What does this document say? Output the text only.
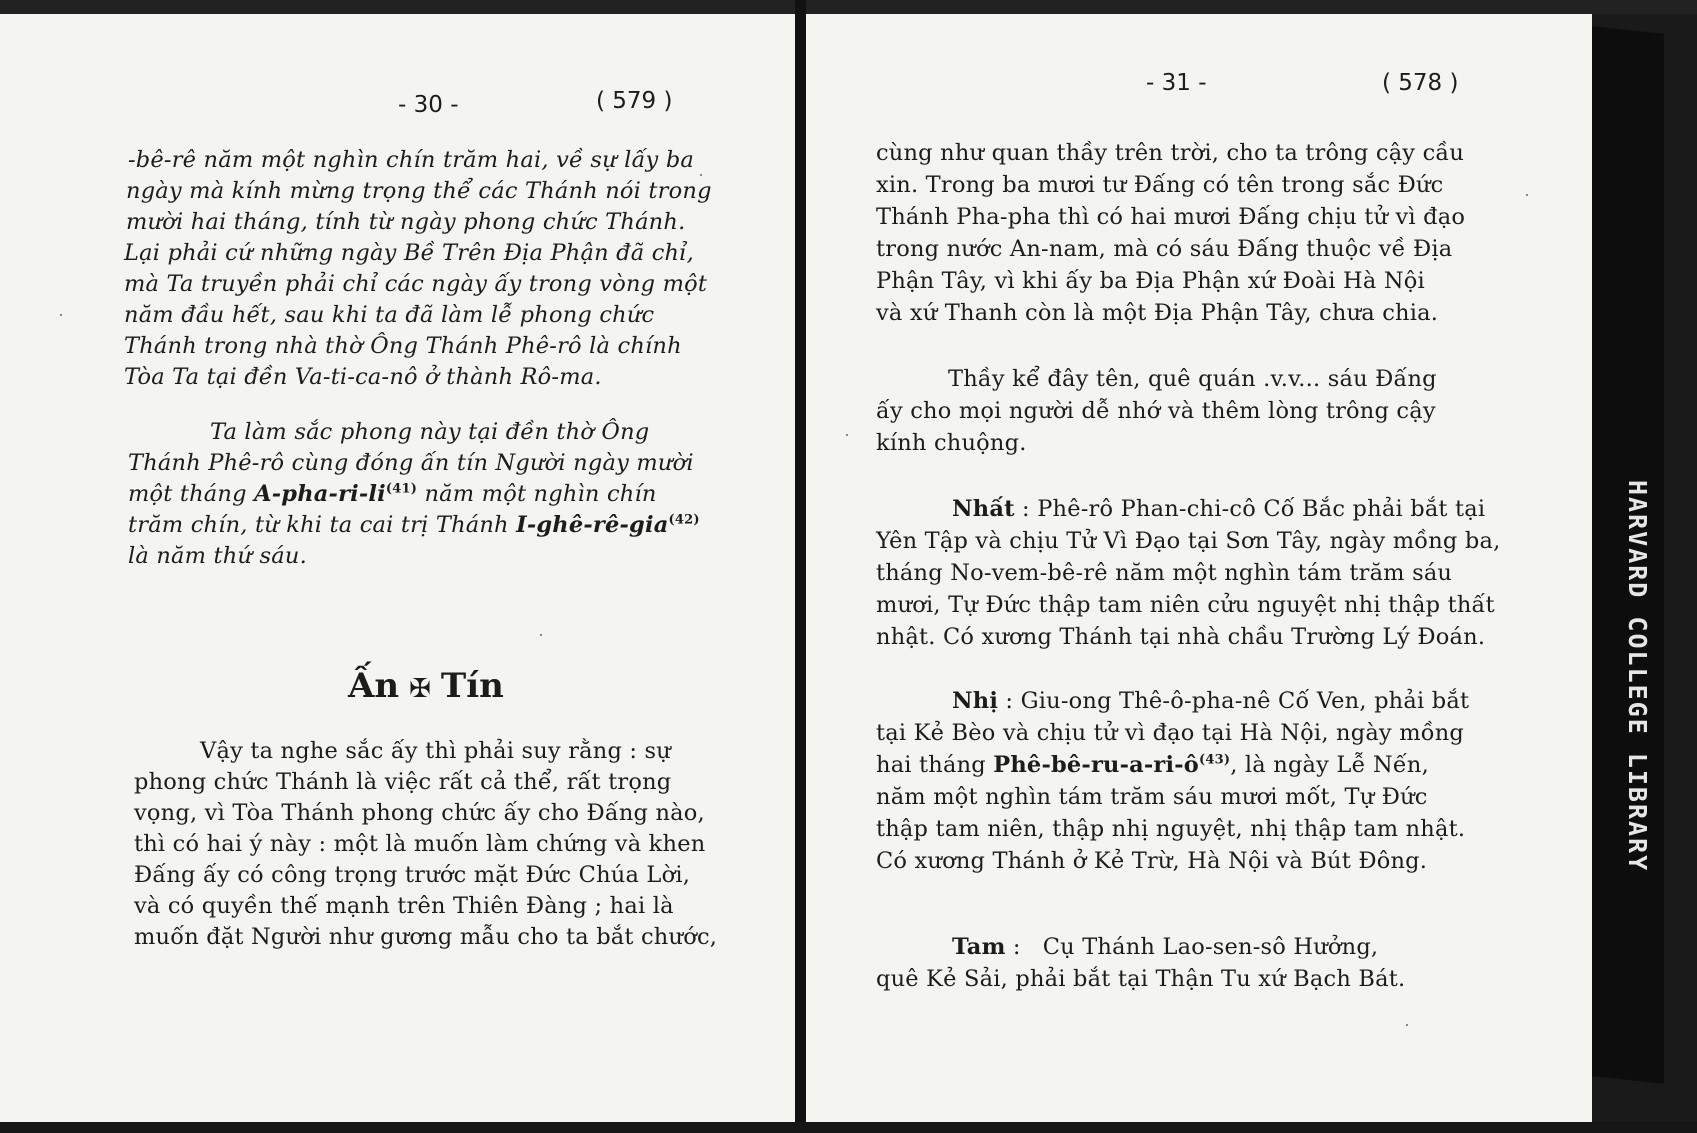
- 30 -	( 579 )
-bê-rê năm một nghìn chín trăm hai, về sự lấy ba
ngày mà kính mừng trọng thể các Thánh nói trong
mười hai tháng, tính từ ngày phong chức Thánh.
Lại phải cứ những ngày Bề Trên Địa Phận đã chỉ,
mà Ta truyền phải chỉ các ngày ấy trong vòng một
năm đầu hết, sau khi ta đã làm lễ phong chức
Thánh trong nhà thờ Ông Thánh Phê-rô là chính
Tòa Ta tại đền Va-ti-ca-nô ở thành Rô-ma.
Ta làm sắc phong này tại đền thờ Ông
Thánh Phê-rô cùng đóng ấn tín Người ngày mười
một tháng $A-pha-ri-li^{(41)}$ năm một nghìn chín
trăm chín, từ khi ta cai trị Thánh I-ghê-rê-gia$^{(42)}$
là năm thứ sáu.
Ấn ✠ Tín
Vậy ta nghe sắc ấy thì phải suy rằng : sự
phong chức Thánh là việc rất cả thể, rất trọng
vọng, vì Tòa Thánh phong chức ấy cho Đấng nào,
thì có hai ý này : một là muốn làm chứng và khen
Đấng ấy có công trọng trước mặt Đức Chúa Lời,
và có quyền thế mạnh trên Thiên Đàng ; hai là
muốn đặt Người như gương mẫu cho ta bắt chước,
- 31 -	( 578 )
cùng như quan thầy trên trời, cho ta trông cậy cầu
xin. Trong ba mươi tư Đấng có tên trong sắc Đức
Thánh Pha-pha thì có hai mươi Đấng chịu tử vì đạo
trong nước An-nam, mà có sáu Đấng thuộc về Địa
Phận Tây, vì khi ấy ba Địa Phận xứ Đoài Hà Nội
và xứ Thanh còn là một Địa Phận Tây, chưa chia.
Thầy kể đây tên, quê quán .v.v... sáu Đấng
ấy cho mọi người dễ nhớ và thêm lòng trông cậy
kính chuộng.
Nhất : Phê-rô Phan-chi-cô Cố Bắc phải bắt tại
Yên Tập và chịu Tử Vì Đạo tại Sơn Tây, ngày mồng ba,
tháng No-vem-bê-rê năm một nghìn tám trăm sáu
mươi, Tự Đức thập tam niên cửu nguyệt nhị thập thất
nhật. Có xương Thánh tại nhà chầu Trường Lý Đoán.
Nhị : Giu-ong Thê-ô-pha-nê Cố Ven, phải bắt
tại Kẻ Bèo và chịu tử vì đạo tại Hà Nội, ngày mồng
hai tháng Phê-$bê-ru-a-ri-ô^{(43)}$, là ngày Lễ Nến,
năm một nghìn tám trăm sáu mươi mốt, Tự Đức
thập tam niên, thập nhị nguyệt, nhị thập tam nhật.
Có xương Thánh ở Kẻ Trừ, Hà Nội và Bút Đông.
Tam :   Cụ Thánh Lao-sen-sô Hưởng,
quê Kẻ Sải, phải bắt tại Thận Tu xứ Bạch Bát.
HARVARD COLLEGE LIBRARY
